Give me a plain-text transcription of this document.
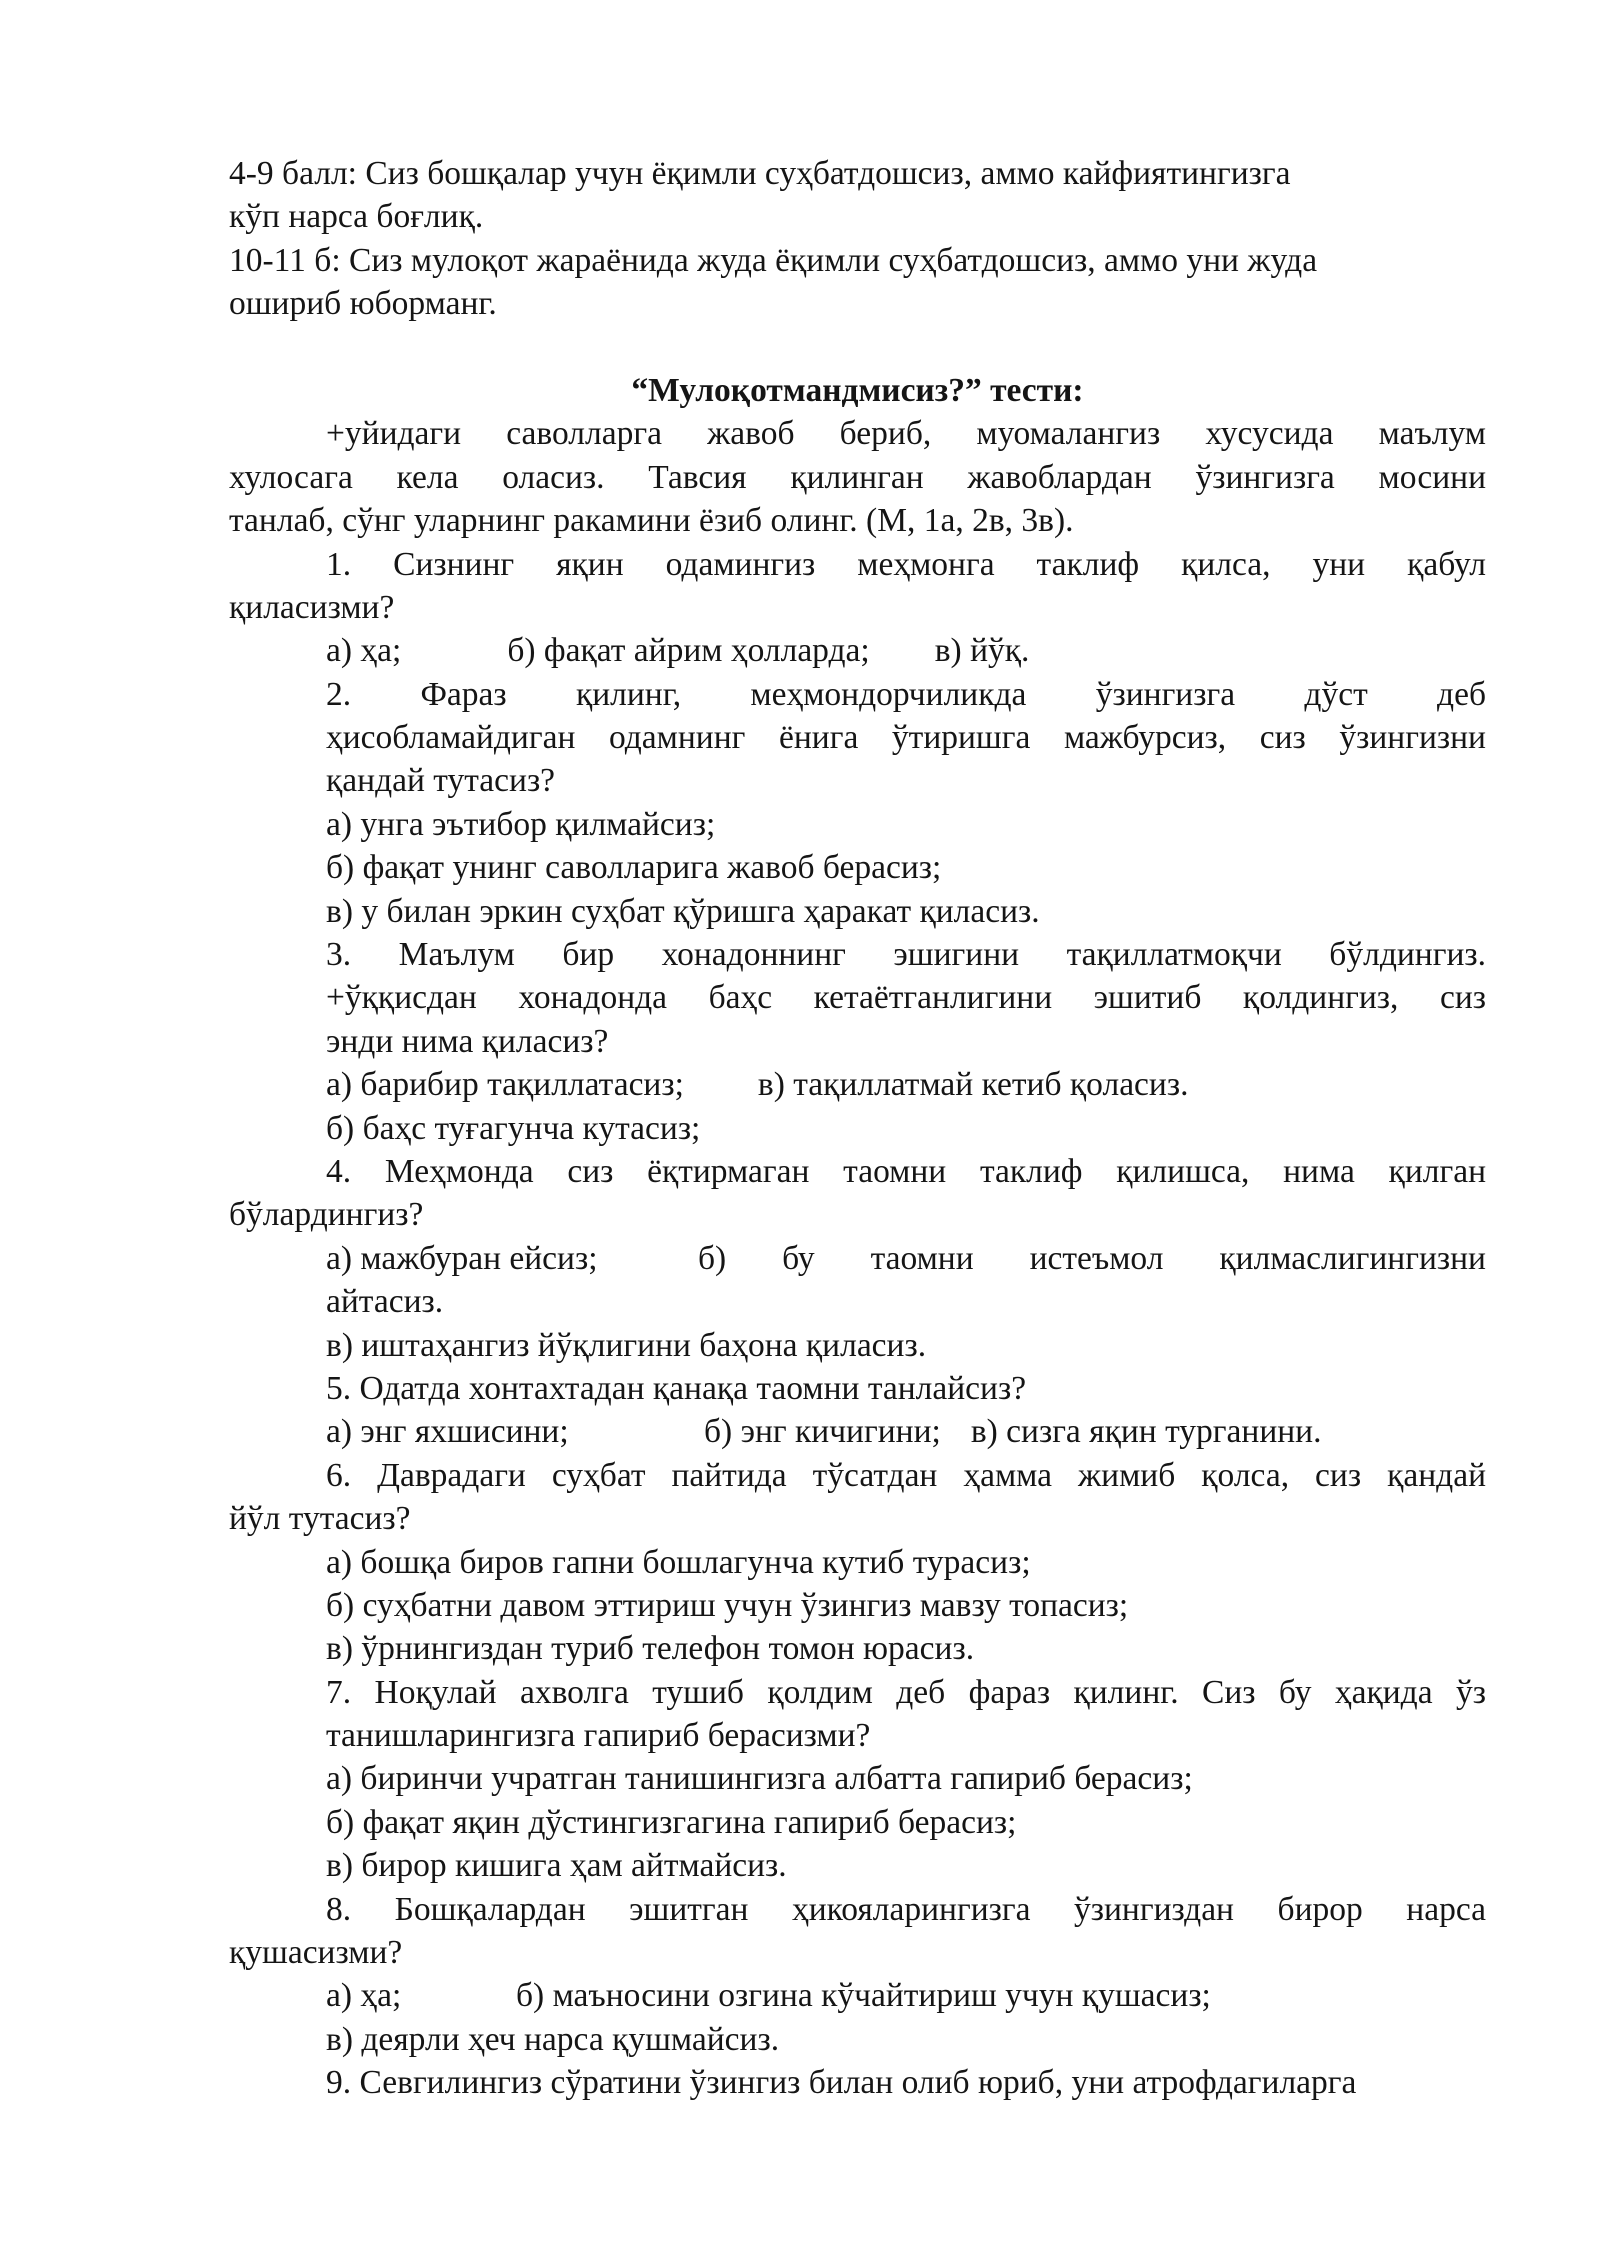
4-9 балл: Сиз бошқалар учун ёқимли суҳбатдошсиз, аммо кайфиятингизга
кўп нарса боғлиқ.
10-11 б: Сиз мулоқот жараёнида жуда ёқимли суҳбатдошсиз, аммо уни жуда
ошириб юборманг.
“Мулоқотмандмисиз?” тести:
+уйидаги саволларга жавоб бериб, муомалангиз хусусида маълум
хулосага кела оласиз. Тавсия қилинган жавоблардан ўзингизга мосини
танлаб, сўнг уларнинг ракамини ёзиб олинг. (М, 1а, 2в, 3в).
1. Сизнинг яқин одамингиз меҳмонга таклиф қилса, уни қабул
қиласизми?
а) ҳа;	б) фақат айрим ҳолларда; в) йўқ.
2. Фараз қилинг, меҳмондорчиликда ўзингизга дўст деб
ҳисобламайдиган одамнинг ёнига ўтиришга мажбурсиз, сиз ўзингизни
қандай тутасиз?
а) унга эътибор қилмайсиз;
б) фақат унинг саволларига жавоб берасиз;
в) у билан эркин суҳбат қўришга ҳаракат қиласиз.
3. Маълум бир хонадоннинг эшигини тақиллатмоқчи бўлдингиз.
+ўққисдан хонадонда баҳс кетаётганлигини эшитиб қолдингиз, сиз
энди нима қиласиз?
а) барибир тақиллатасиз; в) тақиллатмай кетиб қоласиз.
б) баҳс туғагунча кутасиз;
4. Меҳмонда сиз ёқтирмаган таомни таклиф қилишса, нима қилган
бўлардингиз?
а) мажбуран ейсиз;	б) бу таомни истеъмол қилмаслигингизни
айтасиз.
в) иштаҳангиз йўқлигини баҳона қиласиз.
5. Одатда хонтахтадан қанақа таомни танлайсиз?
а) энг яхшисини;	б) энг кичигини; в) сизга яқин турганини.
6. Даврадаги суҳбат пайтида тўсатдан ҳамма жимиб қолса, сиз қандай
йўл тутасиз?
а) бошқа биров гапни бошлагунча кутиб турасиз;
б) суҳбатни давом эттириш учун ўзингиз мавзу топасиз;
в) ўрнингиздан туриб телефон томон юрасиз.
7. Ноқулай ахволга тушиб қолдим деб фараз қилинг. Сиз бу ҳақида ўз
танишларингизга гапириб берасизми?
а) биринчи учратган танишингизга албатта гапириб берасиз;
б) фақат яқин дўстингизгагина гапириб берасиз;
в) бирор кишига ҳам айтмайсиз.
8. Бошқалардан эшитган ҳикояларингизга ўзингиздан бирор нарса
қушасизми?
а) ҳа;	б) маъносини озгина кўчайтириш учун қушасиз;
в) деярли ҳеч нарса қушмайсиз.
9. Севгилингиз сўратини ўзингиз билан олиб юриб, уни атрофдагиларга
